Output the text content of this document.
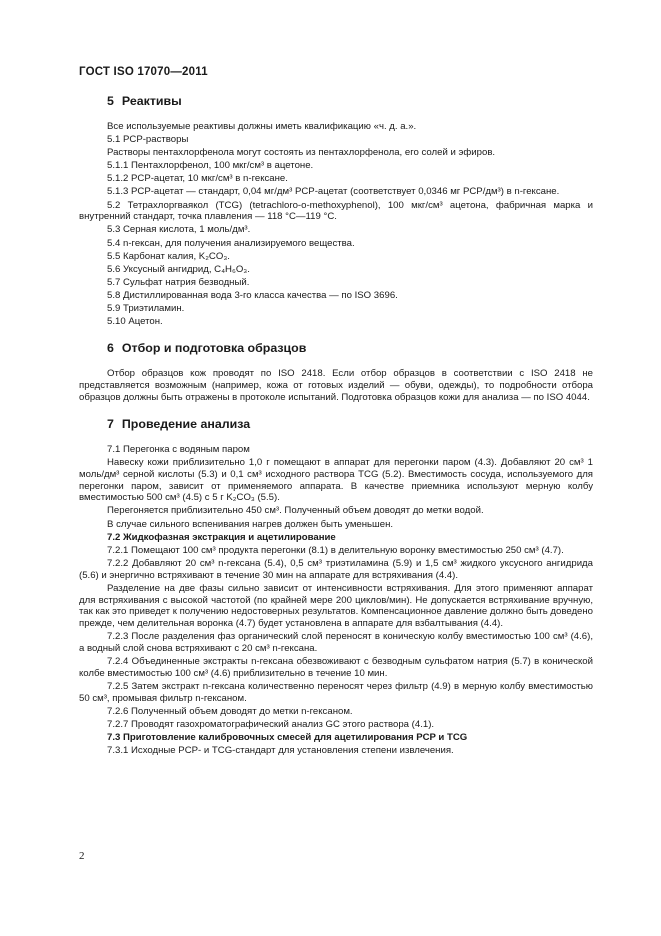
ГОСТ ISO 17070—2011
5 Реактивы
Все используемые реактивы должны иметь квалификацию «ч. д. а.».
5.1 PCP-растворы
Растворы пентахлорфенола могут состоять из пентахлорфенола, его солей и эфиров.
5.1.1 Пентахлорфенол, 100 мкг/см³ в ацетоне.
5.1.2 PCP-ацетат, 10 мкг/см³ в n-гексане.
5.1.3 PCP-ацетат — стандарт, 0,04 мг/дм³ PCP-ацетат (соответствует 0,0346 мг PCP/дм³) в n-гексане.
5.2 Тетрахлоргваякол (TCG) (tetrachloro-o-methoxyphenol), 100 мкг/см³ ацетона, фабричная марка и внутренний стандарт, точка плавления — 118 °С—119 °С.
5.3 Серная кислота, 1 моль/дм³.
5.4 n-гексан, для получения анализируемого вещества.
5.5 Карбонат калия, K₂CO₃.
5.6 Уксусный ангидрид, C₄H₆O₃.
5.7 Сульфат натрия безводный.
5.8 Дистиллированная вода 3-го класса качества — по ISO 3696.
5.9 Триэтиламин.
5.10 Ацетон.
6 Отбор и подготовка образцов
Отбор образцов кож проводят по ISO 2418. Если отбор образцов в соответствии с ISO 2418 не представляется возможным (например, кожа от готовых изделий — обуви, одежды), то подробности отбора образцов должны быть отражены в протоколе испытаний. Подготовка образцов кожи для анализа — по ISO 4044.
7 Проведение анализа
7.1 Перегонка с водяным паром
Навеску кожи приблизительно 1,0 г помещают в аппарат для перегонки паром (4.3). Добавляют 20 см³ 1 моль/дм³ серной кислоты (5.3) и 0,1 см³ исходного раствора TCG (5.2). Вместимость сосуда, используемого для перегонки паром, зависит от применяемого аппарата. В качестве приемника используют мерную колбу вместимостью 500 см³ (4.5) с 5 г K₂CO₃ (5.5).
Перегоняется приблизительно 450 см³. Полученный объем доводят до метки водой.
В случае сильного вспенивания нагрев должен быть уменьшен.
7.2 Жидкофазная экстракция и ацетилирование
7.2.1 Помещают 100 см³ продукта перегонки (8.1) в делительную воронку вместимостью 250 см³ (4.7).
7.2.2 Добавляют 20 см³ n-гексана (5.4), 0,5 см³ триэтиламина (5.9) и 1,5 см³ жидкого уксусного ангидрида (5.6) и энергично встряхивают в течение 30 мин на аппарате для встряхивания (4.4).
Разделение на две фазы сильно зависит от интенсивности встряхивания. Для этого применяют аппарат для встряхивания с высокой частотой (по крайней мере 200 циклов/мин). Не допускается встряхивание вручную, так как это приведет к получению недостоверных результатов. Компенсационное давление должно быть доведено прежде, чем делительная воронка (4.7) будет установлена в аппарате для взбалтывания (4.4).
7.2.3 После разделения фаз органический слой переносят в коническую колбу вместимостью 100 см³ (4.6), а водный слой снова встряхивают с 20 см³ n-гексана.
7.2.4 Объединенные экстракты n-гексана обезвоживают с безводным сульфатом натрия (5.7) в конической колбе вместимостью 100 см³ (4.6) приблизительно в течение 10 мин.
7.2.5 Затем экстракт n-гексана количественно переносят через фильтр (4.9) в мерную колбу вместимостью 50 см³, промывая фильтр n-гексаном.
7.2.6 Полученный объем доводят до метки n-гексаном.
7.2.7 Проводят газохроматографический анализ GC этого раствора (4.1).
7.3 Приготовление калибровочных смесей для ацетилирования PCP и TCG
7.3.1 Исходные PCP- и TCG-стандарт для установления степени извлечения.
2
